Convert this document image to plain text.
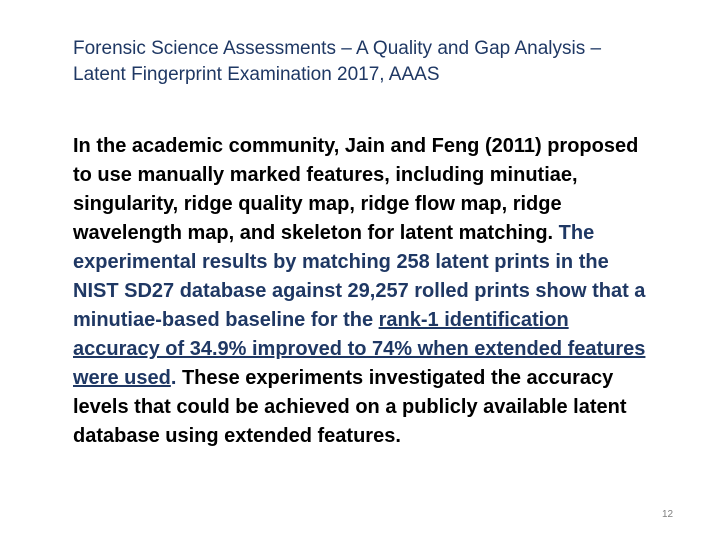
Forensic Science Assessments – A Quality and Gap Analysis – Latent Fingerprint Examination 2017, AAAS

In the academic community, Jain and Feng (2011) proposed to use manually marked features, including minutiae, singularity, ridge quality map, ridge flow map, ridge wavelength map, and skeleton for latent matching. The experimental results by matching 258 latent prints in the NIST SD27 database against 29,257 rolled prints show that a minutiae-based baseline for the rank-1 identification accuracy of 34.9% improved to 74% when extended features were used. These experiments investigated the accuracy levels that could be achieved on a publicly available latent database using extended features.

12
